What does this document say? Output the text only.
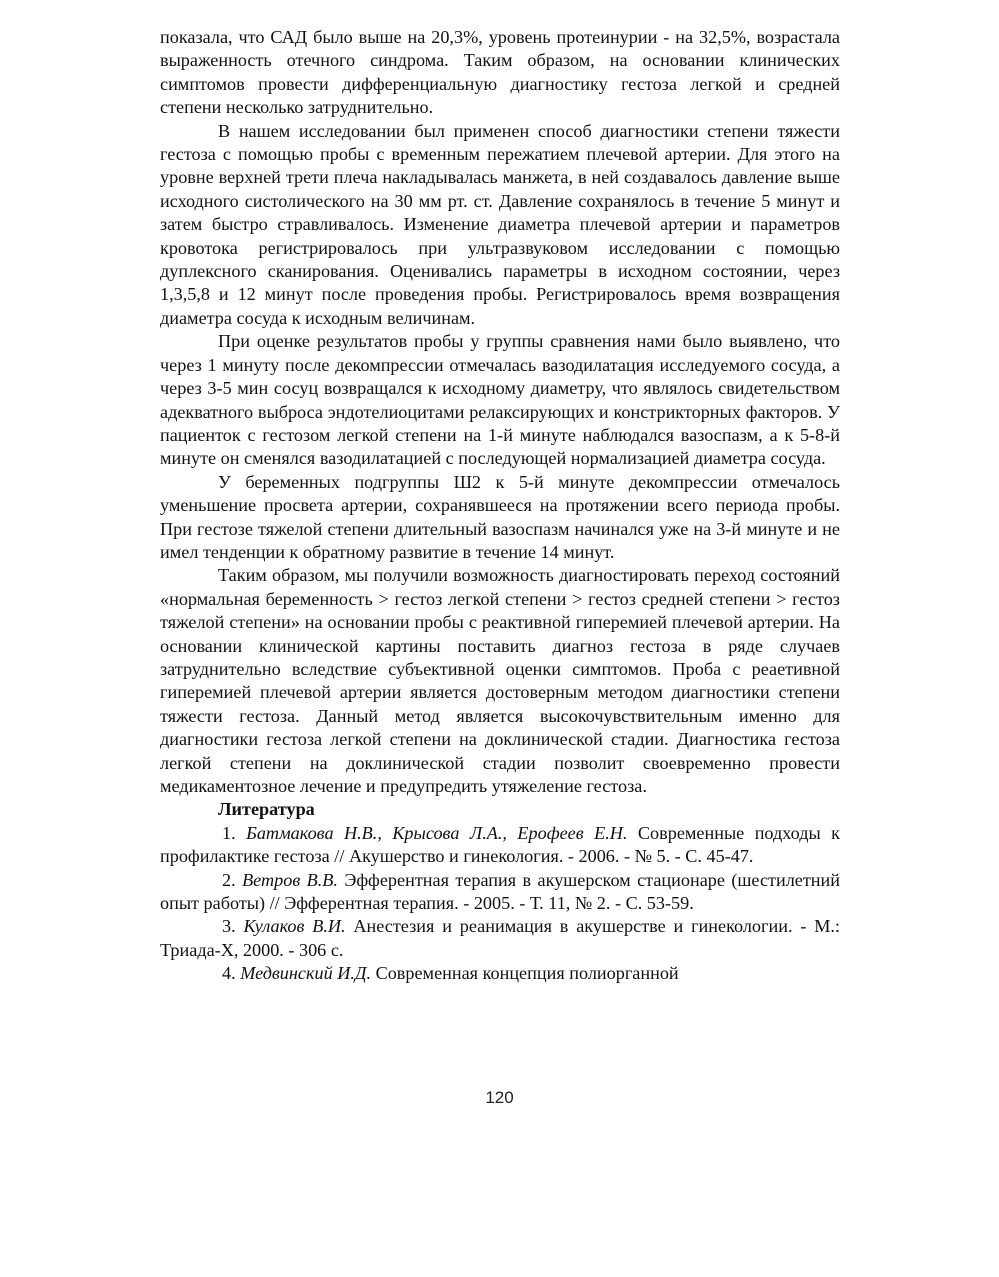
показала, что САД было выше на 20,3%, уровень протеинурии - на 32,5%, возрастала выраженность отечного синдрома. Таким образом, на основании клинических симптомов провести дифференциальную диагностику гестоза легкой и средней степени несколько затруднительно.

В нашем исследовании был применен способ диагностики степени тяжести гестоза с помощью пробы с временным пережатием плечевой артерии. Для этого на уровне верхней трети плеча накладывалась манжета, в ней создавалось давление выше исходного систолического на 30 мм рт. ст. Давление сохранялось в течение 5 минут и затем быстро стравливалось. Изменение диаметра плечевой артерии и параметров кровотока регистрировалось при ультразвуковом исследовании с помощью дуплексного сканирования. Оценивались параметры в исходном состоянии, через 1,3,5,8 и 12 минут после проведения пробы. Регистрировалось время возвращения диаметра сосуда к исходным величинам.

При оценке результатов пробы у группы сравнения нами было выявлено, что через 1 минуту после декомпрессии отмечалась вазодилатация исследуемого сосуда, а через 3-5 мин сосуц возвращался к исходному диаметру, что являлось свидетельством адекватного выброса эндотелиоцитами релаксирующих и констрикторных факторов. У пациенток с гестозом легкой степени на 1-й минуте наблюдался вазоспазм, а к 5-8-й минуте он сменялся вазодилатацией с последующей нормализацией диаметра сосуда.

У беременных подгруппы Ш2 к 5-й минуте декомпрессии отмечалось уменьшение просвета артерии, сохранявшееся на протяжении всего периода пробы. При гестозе тяжелой степени длительный вазоспазм начинался уже на 3-й минуте и не имел тенденции к обратному развитие в течение 14 минут.

Таким образом, мы получили возможность диагностировать переход состояний «нормальная беременность > гестоз легкой степени > гестоз средней степени > гестоз тяжелой степени» на основании пробы с реактивной гиперемией плечевой артерии. На основании клинической картины поставить диагноз гестоза в ряде случаев затруднительно вследствие субъективной оценки симптомов. Проба с реаетивной гиперемией плечевой артерии является достоверным методом диагностики степени тяжести гестоза. Данный метод является высокочувствительным именно для диагностики гестоза легкой степени на доклинической стадии. Диагностика гестоза легкой степени на доклинической стадии позволит своевременно провести медикаментозное лечение и предупредить утяжеление гестоза.

Литература

1. Батмакова Н.В., Крысова Л.А., Ерофеев Е.Н. Современные подходы к профилактике гестоза // Акушерство и гинекология. - 2006. - № 5. - С. 45-47.

2. Ветров В.В. Эфферентная терапия в акушерском стационаре (шестилетний опыт работы) // Эфферентная терапия. - 2005. - Т. 11, № 2. - С. 53-59.

3. Кулаков В.И. Анестезия и реанимация в акушерстве и гинекологии. - М.: Триада-Х, 2000. - 306 с.

4. Медвинский И.Д. Современная концепция полиорганной

120
